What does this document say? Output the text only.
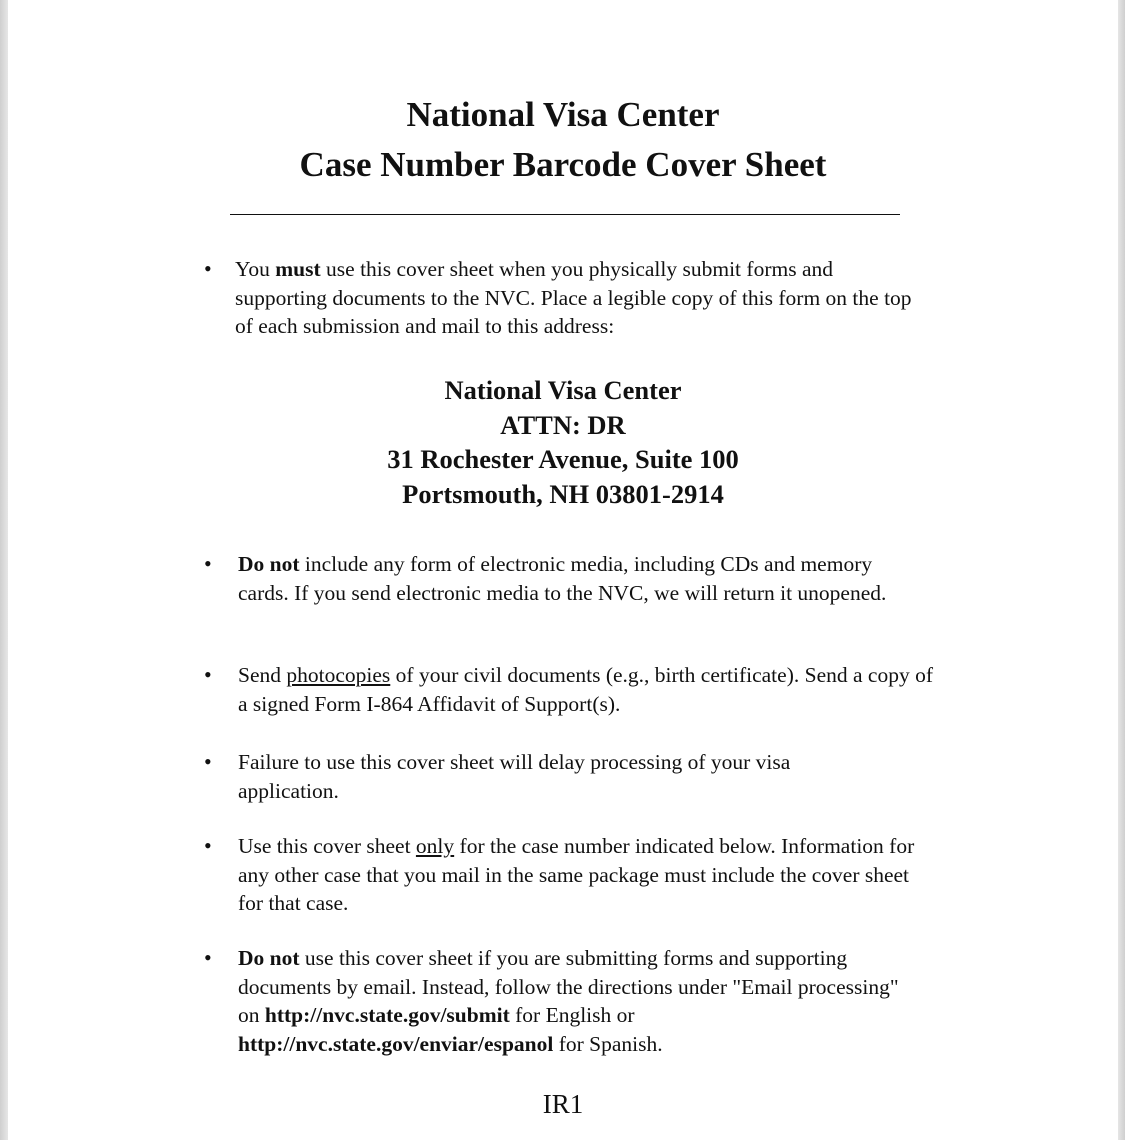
National Visa Center
Case Number Barcode Cover Sheet
•	You must use this cover sheet when you physically submit forms and supporting documents to the NVC. Place a legible copy of this form on the top of each submission and mail to this address:

National Visa Center
ATTN: DR
31 Rochester Avenue, Suite 100
Portsmouth, NH 03801-2914
•	Do not include any form of electronic media, including CDs and memory cards. If you send electronic media to the NVC, we will return it unopened.

•	Send photocopies of your civil documents (e.g., birth certificate). Send a copy of a signed Form I-864 Affidavit of Support(s).

•	Failure to use this cover sheet will delay processing of your visa application.

•	Use this cover sheet only for the case number indicated below. Information for any other case that you mail in the same package must include the cover sheet for that case.

•	Do not use this cover sheet if you are submitting forms and supporting documents by email. Instead, follow the directions under "Email processing" on http://nvc.state.gov/submit for English or http://nvc.state.gov/enviar/espanol for Spanish.

IR1
